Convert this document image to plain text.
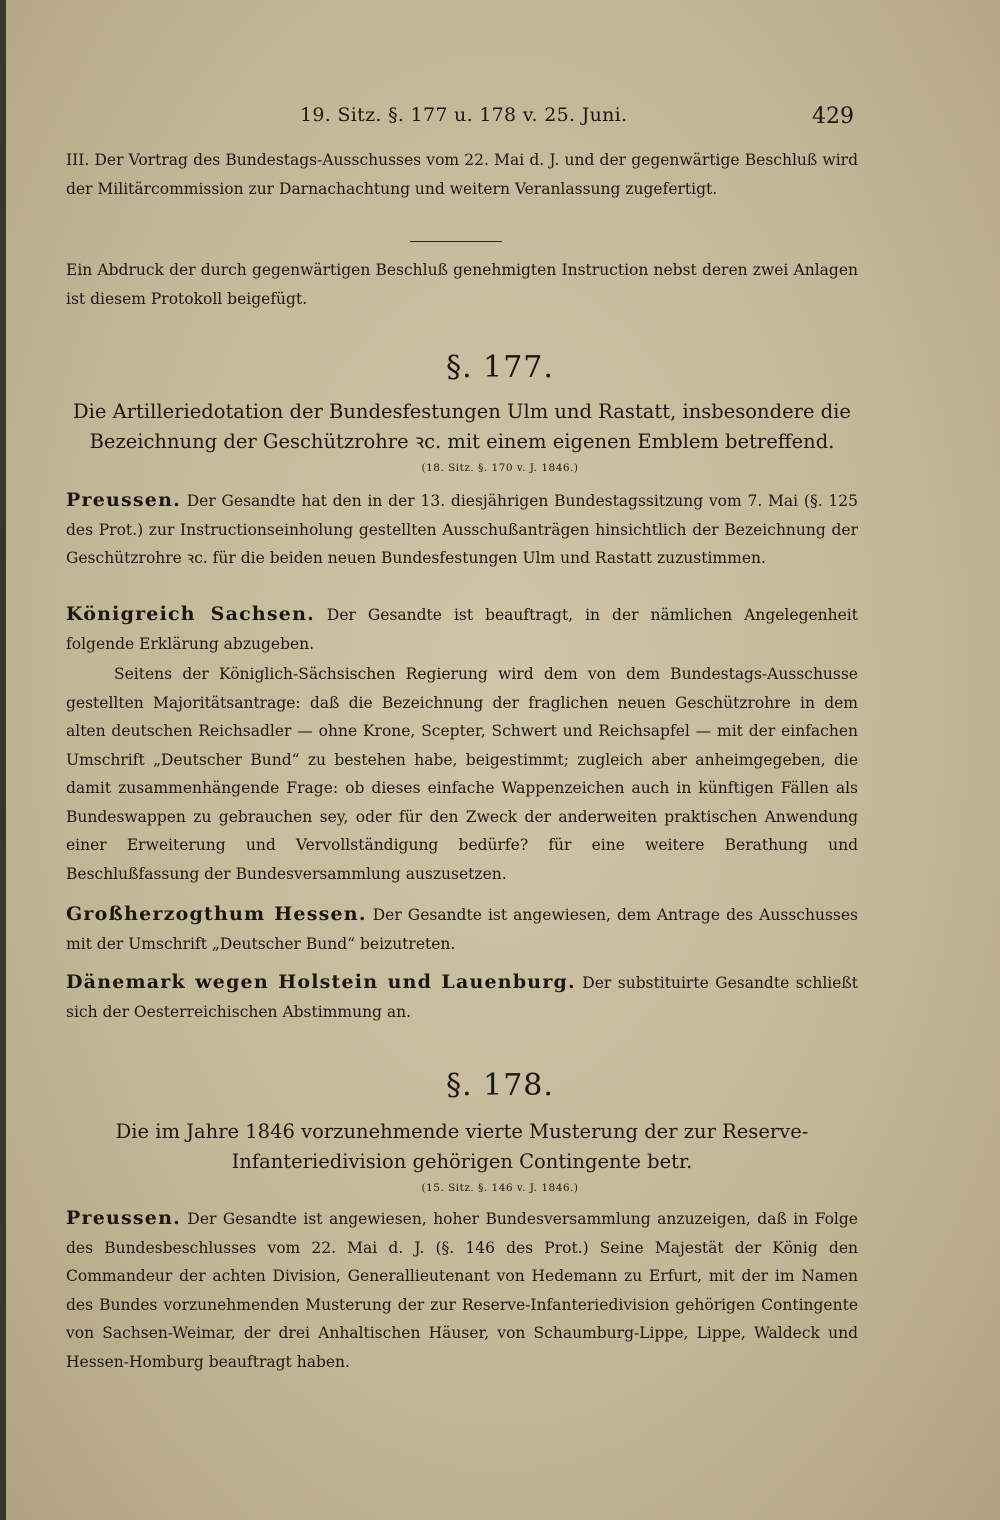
19. Sitz. §. 177 u. 178 v. 25. Juni.	429

III. Der Vortrag des Bundestags-Ausschusses vom 22. Mai d. J. und der gegenwärtige Beschluß wird der Militärcommission zur Darnachachtung und weitern Veranlassung zugefertigt.

Ein Abdruck der durch gegenwärtigen Beschluß genehmigten Instruction nebst deren zwei Anlagen ist diesem Protokoll beigefügt.

§. 177.
Die Artilleriedotation der Bundesfestungen Ulm und Rastatt, insbesondere die Bezeichnung der Geschützrohre ꝛc. mit einem eigenen Emblem betreffend.
(18. Sitz. §. 170 v. J. 1846.)

Preussen. Der Gesandte hat den in der 13. diesjährigen Bundestagssitzung vom 7. Mai (§. 125 des Prot.) zur Instructionseinholung gestellten Ausschußanträgen hinsichtlich der Bezeichnung der Geschützrohre ꝛc. für die beiden neuen Bundesfestungen Ulm und Rastatt zuzustimmen.

Königreich Sachsen. Der Gesandte ist beauftragt, in der nämlichen Angelegenheit folgende Erklärung abzugeben.

Seitens der Königlich-Sächsischen Regierung wird dem von dem Bundestags-Ausschusse gestellten Majoritätsantrage: daß die Bezeichnung der fraglichen neuen Geschützrohre in dem alten deutschen Reichsadler — ohne Krone, Scepter, Schwert und Reichsapfel — mit der einfachen Umschrift „Deutscher Bund“ zu bestehen habe, beigestimmt; zugleich aber anheimgegeben, die damit zusammenhängende Frage: ob dieses einfache Wappenzeichen auch in künftigen Fällen als Bundeswappen zu gebrauchen sey, oder für den Zweck der anderweiten praktischen Anwendung einer Erweiterung und Vervollständigung bedürfe? für eine weitere Berathung und Beschlußfassung der Bundesversammlung auszusetzen.

Großherzogthum Hessen. Der Gesandte ist angewiesen, dem Antrage des Ausschusses mit der Umschrift „Deutscher Bund“ beizutreten.

Dänemark wegen Holstein und Lauenburg. Der substituirte Gesandte schließt sich der Oesterreichischen Abstimmung an.

§. 178.
Die im Jahre 1846 vorzunehmende vierte Musterung der zur Reserve-Infanteriedivision gehörigen Contingente betr.
(15. Sitz. §. 146 v. J. 1846.)

Preussen. Der Gesandte ist angewiesen, hoher Bundesversammlung anzuzeigen, daß in Folge des Bundesbeschlusses vom 22. Mai d. J. (§. 146 des Prot.) Seine Majestät der König den Commandeur der achten Division, Generallieutenant von Hedemann zu Erfurt, mit der im Namen des Bundes vorzunehmenden Musterung der zur Reserve-Infanteriedivision gehörigen Contingente von Sachsen-Weimar, der drei Anhaltischen Häuser, von Schaumburg-Lippe, Lippe, Waldeck und Hessen-Homburg beauftragt haben.
